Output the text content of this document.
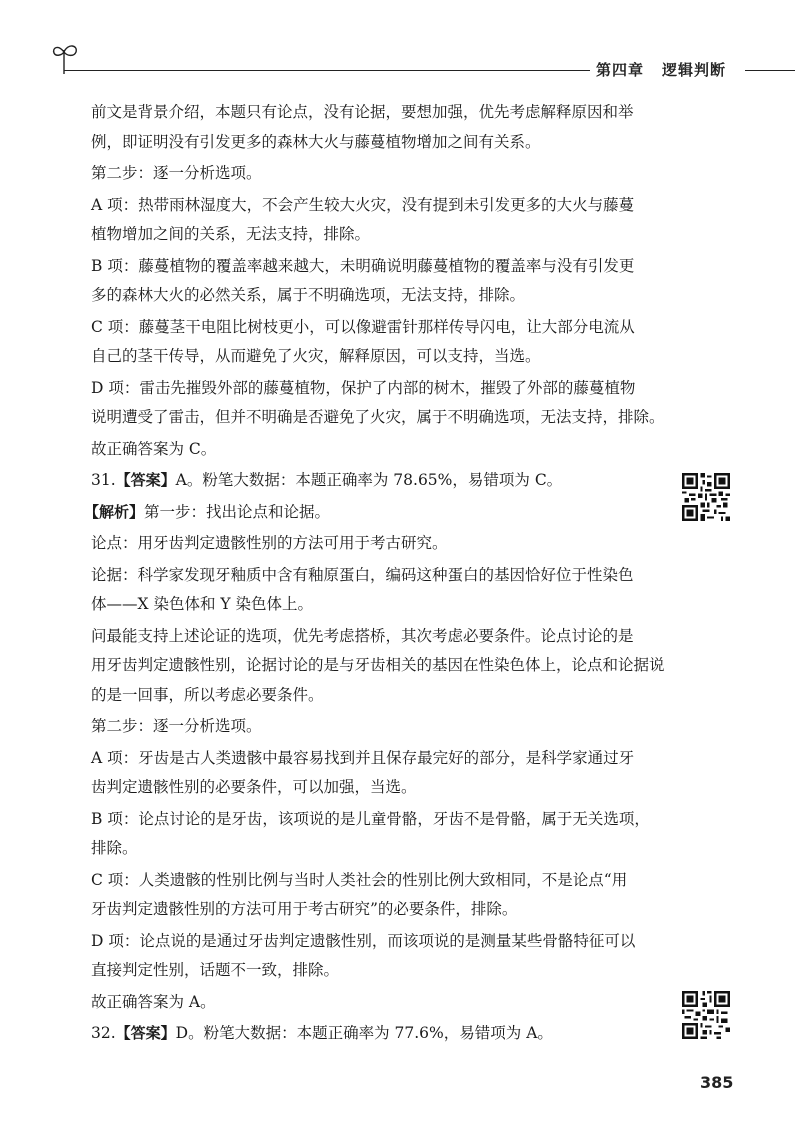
第四章 逻辑判断
前文是背景介绍，本题只有论点，没有论据，要想加强，优先考虑解释原因和举
例，即证明没有引发更多的森林大火与藤蔓植物增加之间有关系。
第二步：逐一分析选项。
A 项：热带雨林湿度大，不会产生较大火灾，没有提到未引发更多的大火与藤蔓
植物增加之间的关系，无法支持，排除。
B 项：藤蔓植物的覆盖率越来越大，未明确说明藤蔓植物的覆盖率与没有引发更
多的森林大火的必然关系，属于不明确选项，无法支持，排除。
C 项：藤蔓茎干电阻比树枝更小，可以像避雷针那样传导闪电，让大部分电流从
自己的茎干传导，从而避免了火灾，解释原因，可以支持，当选。
D 项：雷击先摧毁外部的藤蔓植物，保护了内部的树木，摧毁了外部的藤蔓植物
说明遭受了雷击，但并不明确是否避免了火灾，属于不明确选项，无法支持，排除。
故正确答案为 C。
31.【答案】A。粉笔大数据：本题正确率为 78.65%，易错项为 C。
【解析】第一步：找出论点和论据。
论点：用牙齿判定遗骸性别的方法可用于考古研究。
论据：科学家发现牙釉质中含有釉原蛋白，编码这种蛋白的基因恰好位于性染色
体——X 染色体和 Y 染色体上。
问最能支持上述论证的选项，优先考虑搭桥，其次考虑必要条件。论点讨论的是
用牙齿判定遗骸性别，论据讨论的是与牙齿相关的基因在性染色体上，论点和论据说
的是一回事，所以考虑必要条件。
第二步：逐一分析选项。
A 项：牙齿是古人类遗骸中最容易找到并且保存最完好的部分，是科学家通过牙
齿判定遗骸性别的必要条件，可以加强，当选。
B 项：论点讨论的是牙齿，该项说的是儿童骨骼，牙齿不是骨骼，属于无关选项，
排除。
C 项：人类遗骸的性别比例与当时人类社会的性别比例大致相同，不是论点“用
牙齿判定遗骸性别的方法可用于考古研究”的必要条件，排除。
D 项：论点说的是通过牙齿判定遗骸性别，而该项说的是测量某些骨骼特征可以
直接判定性别，话题不一致，排除。
故正确答案为 A。
32.【答案】D。粉笔大数据：本题正确率为 77.6%，易错项为 A。
385
